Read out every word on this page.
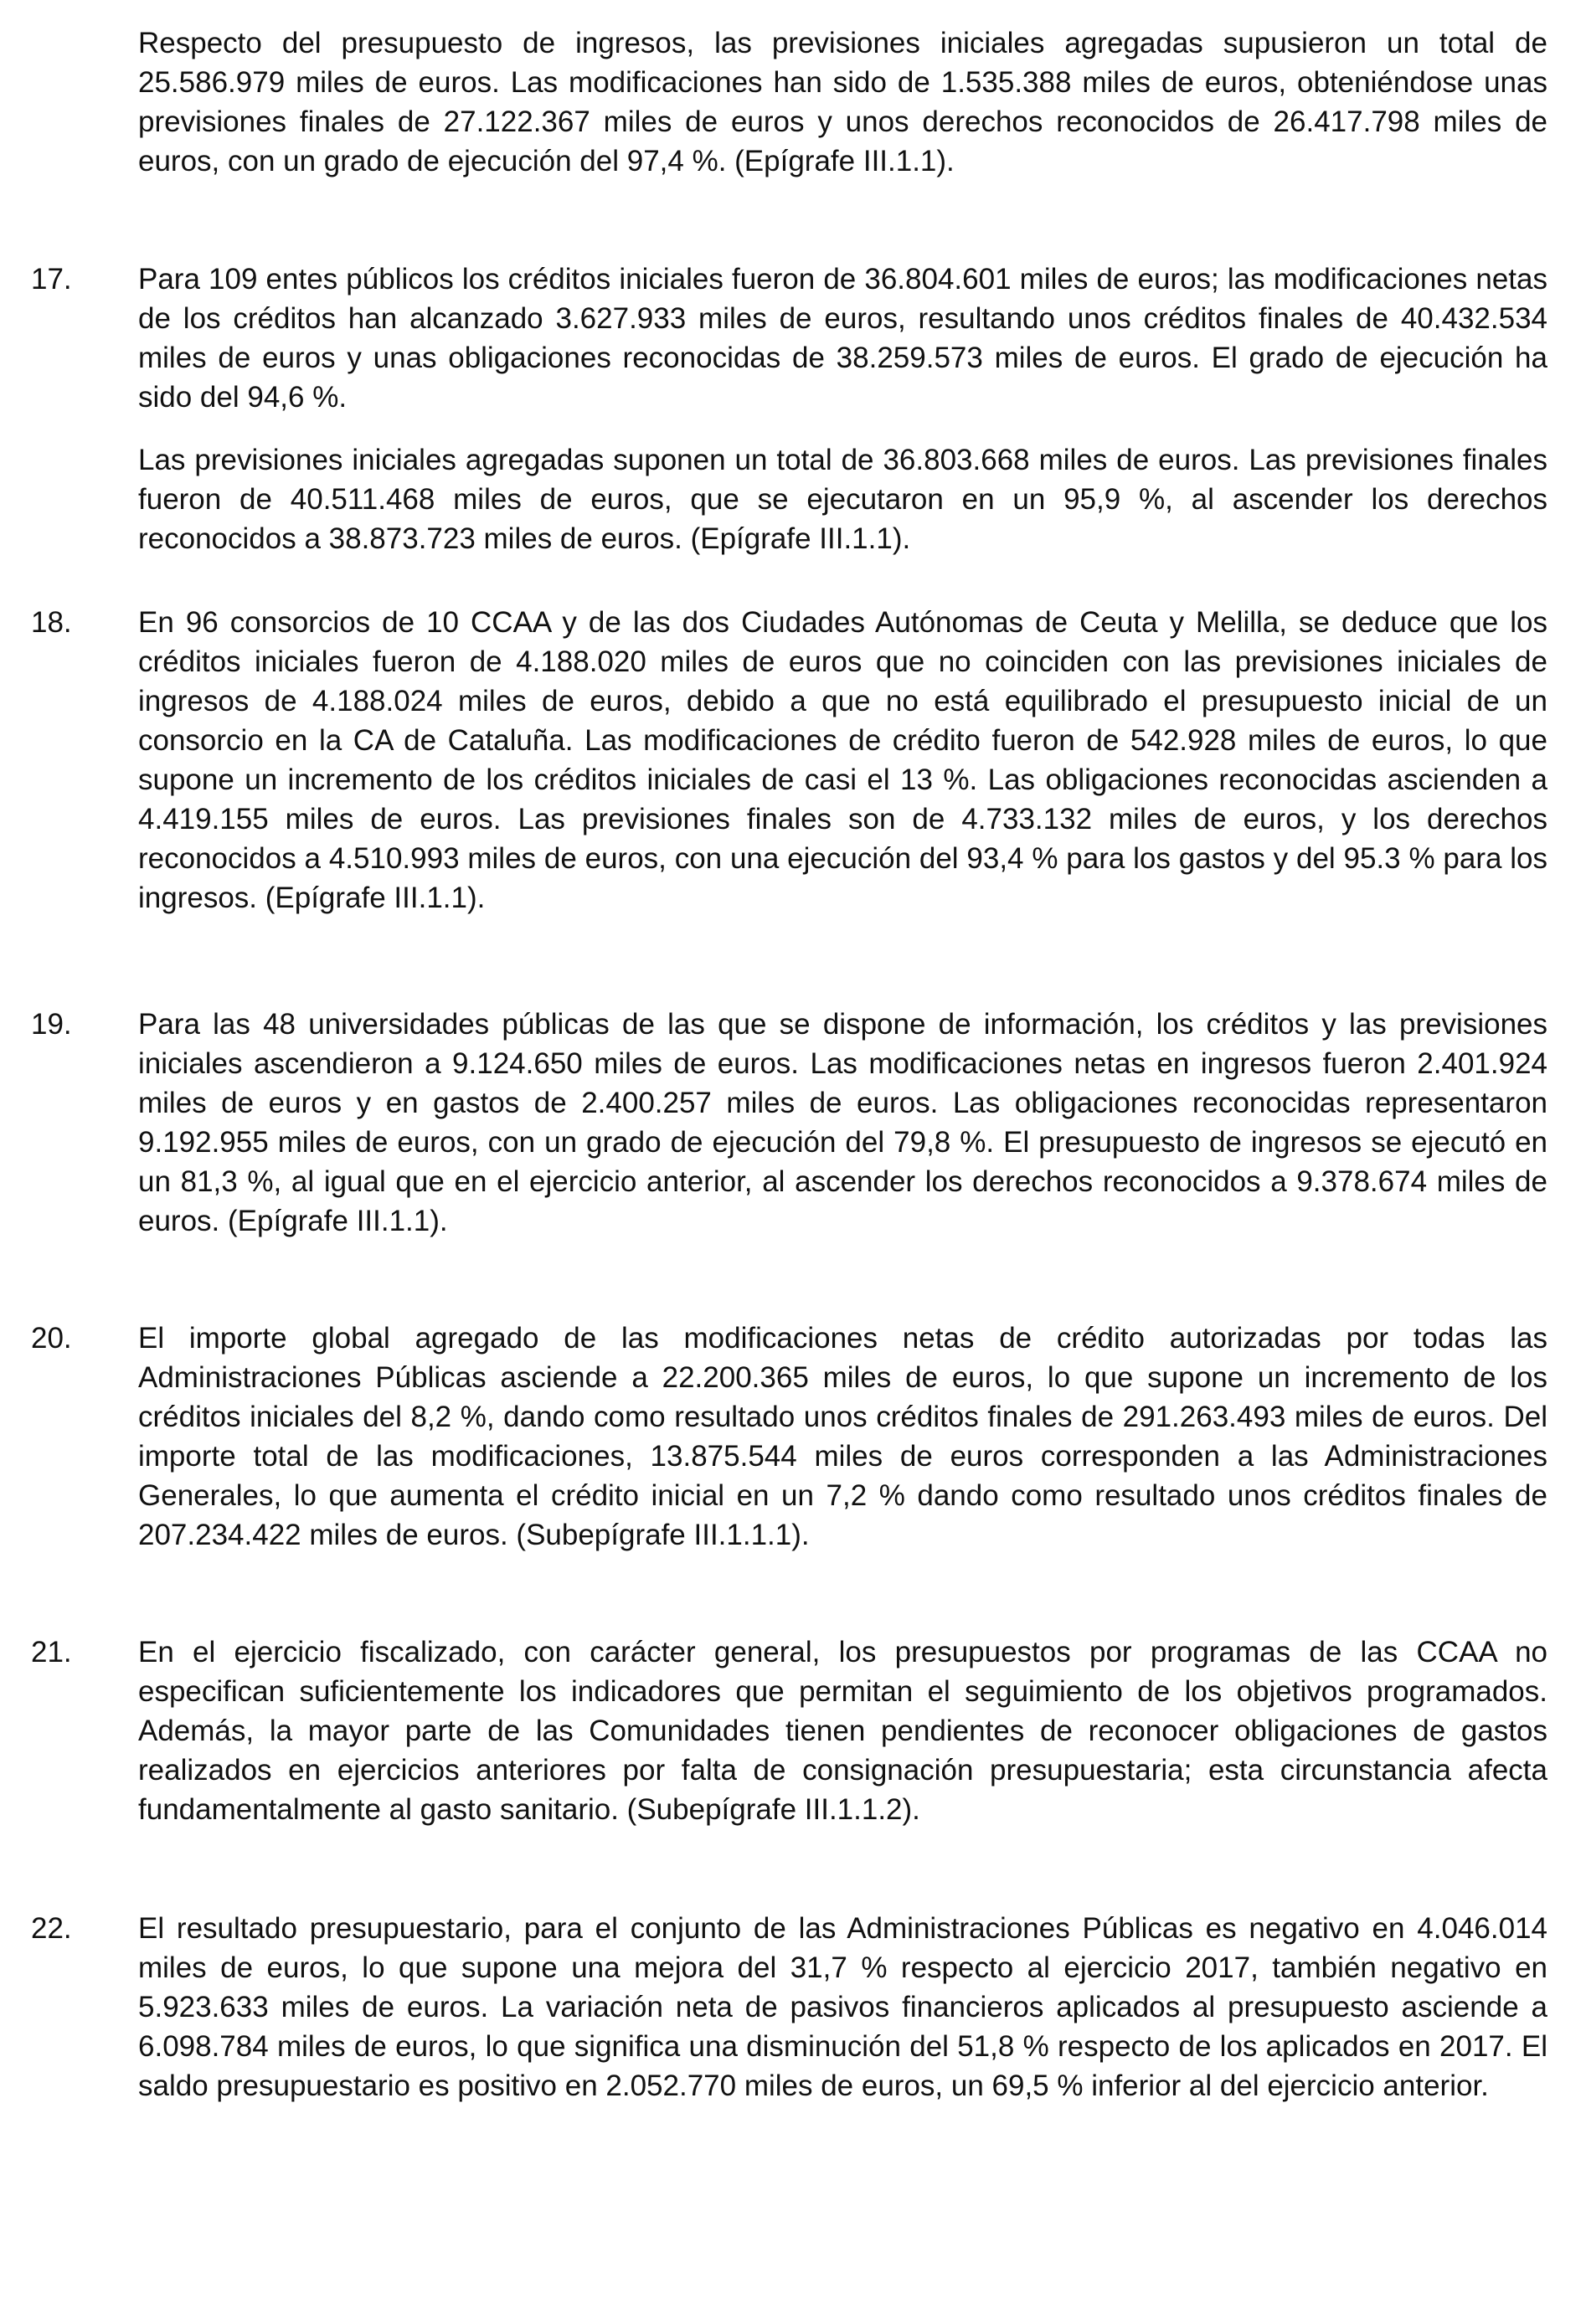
Respecto del presupuesto de ingresos, las previsiones iniciales agregadas supusieron un total de 25.586.979 miles de euros. Las modificaciones han sido de 1.535.388 miles de euros, obteniéndose unas previsiones finales de 27.122.367 miles de euros y unos derechos reconocidos de 26.417.798 miles de euros, con un grado de ejecución del 97,4 %. (Epígrafe III.1.1).

17. Para 109 entes públicos los créditos iniciales fueron de 36.804.601 miles de euros; las modificaciones netas de los créditos han alcanzado 3.627.933 miles de euros, resultando unos créditos finales de 40.432.534 miles de euros y unas obligaciones reconocidas de 38.259.573 miles de euros. El grado de ejecución ha sido del 94,6 %.

Las previsiones iniciales agregadas suponen un total de 36.803.668 miles de euros. Las previsiones finales fueron de 40.511.468 miles de euros, que se ejecutaron en un 95,9 %, al ascender los derechos reconocidos a 38.873.723 miles de euros. (Epígrafe III.1.1).

18. En 96 consorcios de 10 CCAA y de las dos Ciudades Autónomas de Ceuta y Melilla, se deduce que los créditos iniciales fueron de 4.188.020 miles de euros que no coinciden con las previsiones iniciales de ingresos de 4.188.024 miles de euros, debido a que no está equilibrado el presupuesto inicial de un consorcio en la CA de Cataluña. Las modificaciones de crédito fueron de 542.928 miles de euros, lo que supone un incremento de los créditos iniciales de casi el 13 %. Las obligaciones reconocidas ascienden a 4.419.155 miles de euros. Las previsiones finales son de 4.733.132 miles de euros, y los derechos reconocidos a 4.510.993 miles de euros, con una ejecución del 93,4 % para los gastos y del 95.3 % para los ingresos. (Epígrafe III.1.1).

19. Para las 48 universidades públicas de las que se dispone de información, los créditos y las previsiones iniciales ascendieron a 9.124.650 miles de euros. Las modificaciones netas en ingresos fueron 2.401.924 miles de euros y en gastos de 2.400.257 miles de euros. Las obligaciones reconocidas representaron 9.192.955 miles de euros, con un grado de ejecución del 79,8 %. El presupuesto de ingresos se ejecutó en un 81,3 %, al igual que en el ejercicio anterior, al ascender los derechos reconocidos a 9.378.674 miles de euros. (Epígrafe III.1.1).

20. El importe global agregado de las modificaciones netas de crédito autorizadas por todas las Administraciones Públicas asciende a 22.200.365 miles de euros, lo que supone un incremento de los créditos iniciales del 8,2 %, dando como resultado unos créditos finales de 291.263.493 miles de euros. Del importe total de las modificaciones, 13.875.544 miles de euros corresponden a las Administraciones Generales, lo que aumenta el crédito inicial en un 7,2 % dando como resultado unos créditos finales de 207.234.422 miles de euros. (Subepígrafe III.1.1.1).

21. En el ejercicio fiscalizado, con carácter general, los presupuestos por programas de las CCAA no especifican suficientemente los indicadores que permitan el seguimiento de los objetivos programados. Además, la mayor parte de las Comunidades tienen pendientes de reconocer obligaciones de gastos realizados en ejercicios anteriores por falta de consignación presupuestaria; esta circunstancia afecta fundamentalmente al gasto sanitario. (Subepígrafe III.1.1.2).

22. El resultado presupuestario, para el conjunto de las Administraciones Públicas es negativo en 4.046.014 miles de euros, lo que supone una mejora del 31,7 % respecto al ejercicio 2017, también negativo en 5.923.633 miles de euros. La variación neta de pasivos financieros aplicados al presupuesto asciende a 6.098.784 miles de euros, lo que significa una disminución del 51,8 % respecto de los aplicados en 2017. El saldo presupuestario es positivo en 2.052.770 miles de euros, un 69,5 % inferior al del ejercicio anterior.
